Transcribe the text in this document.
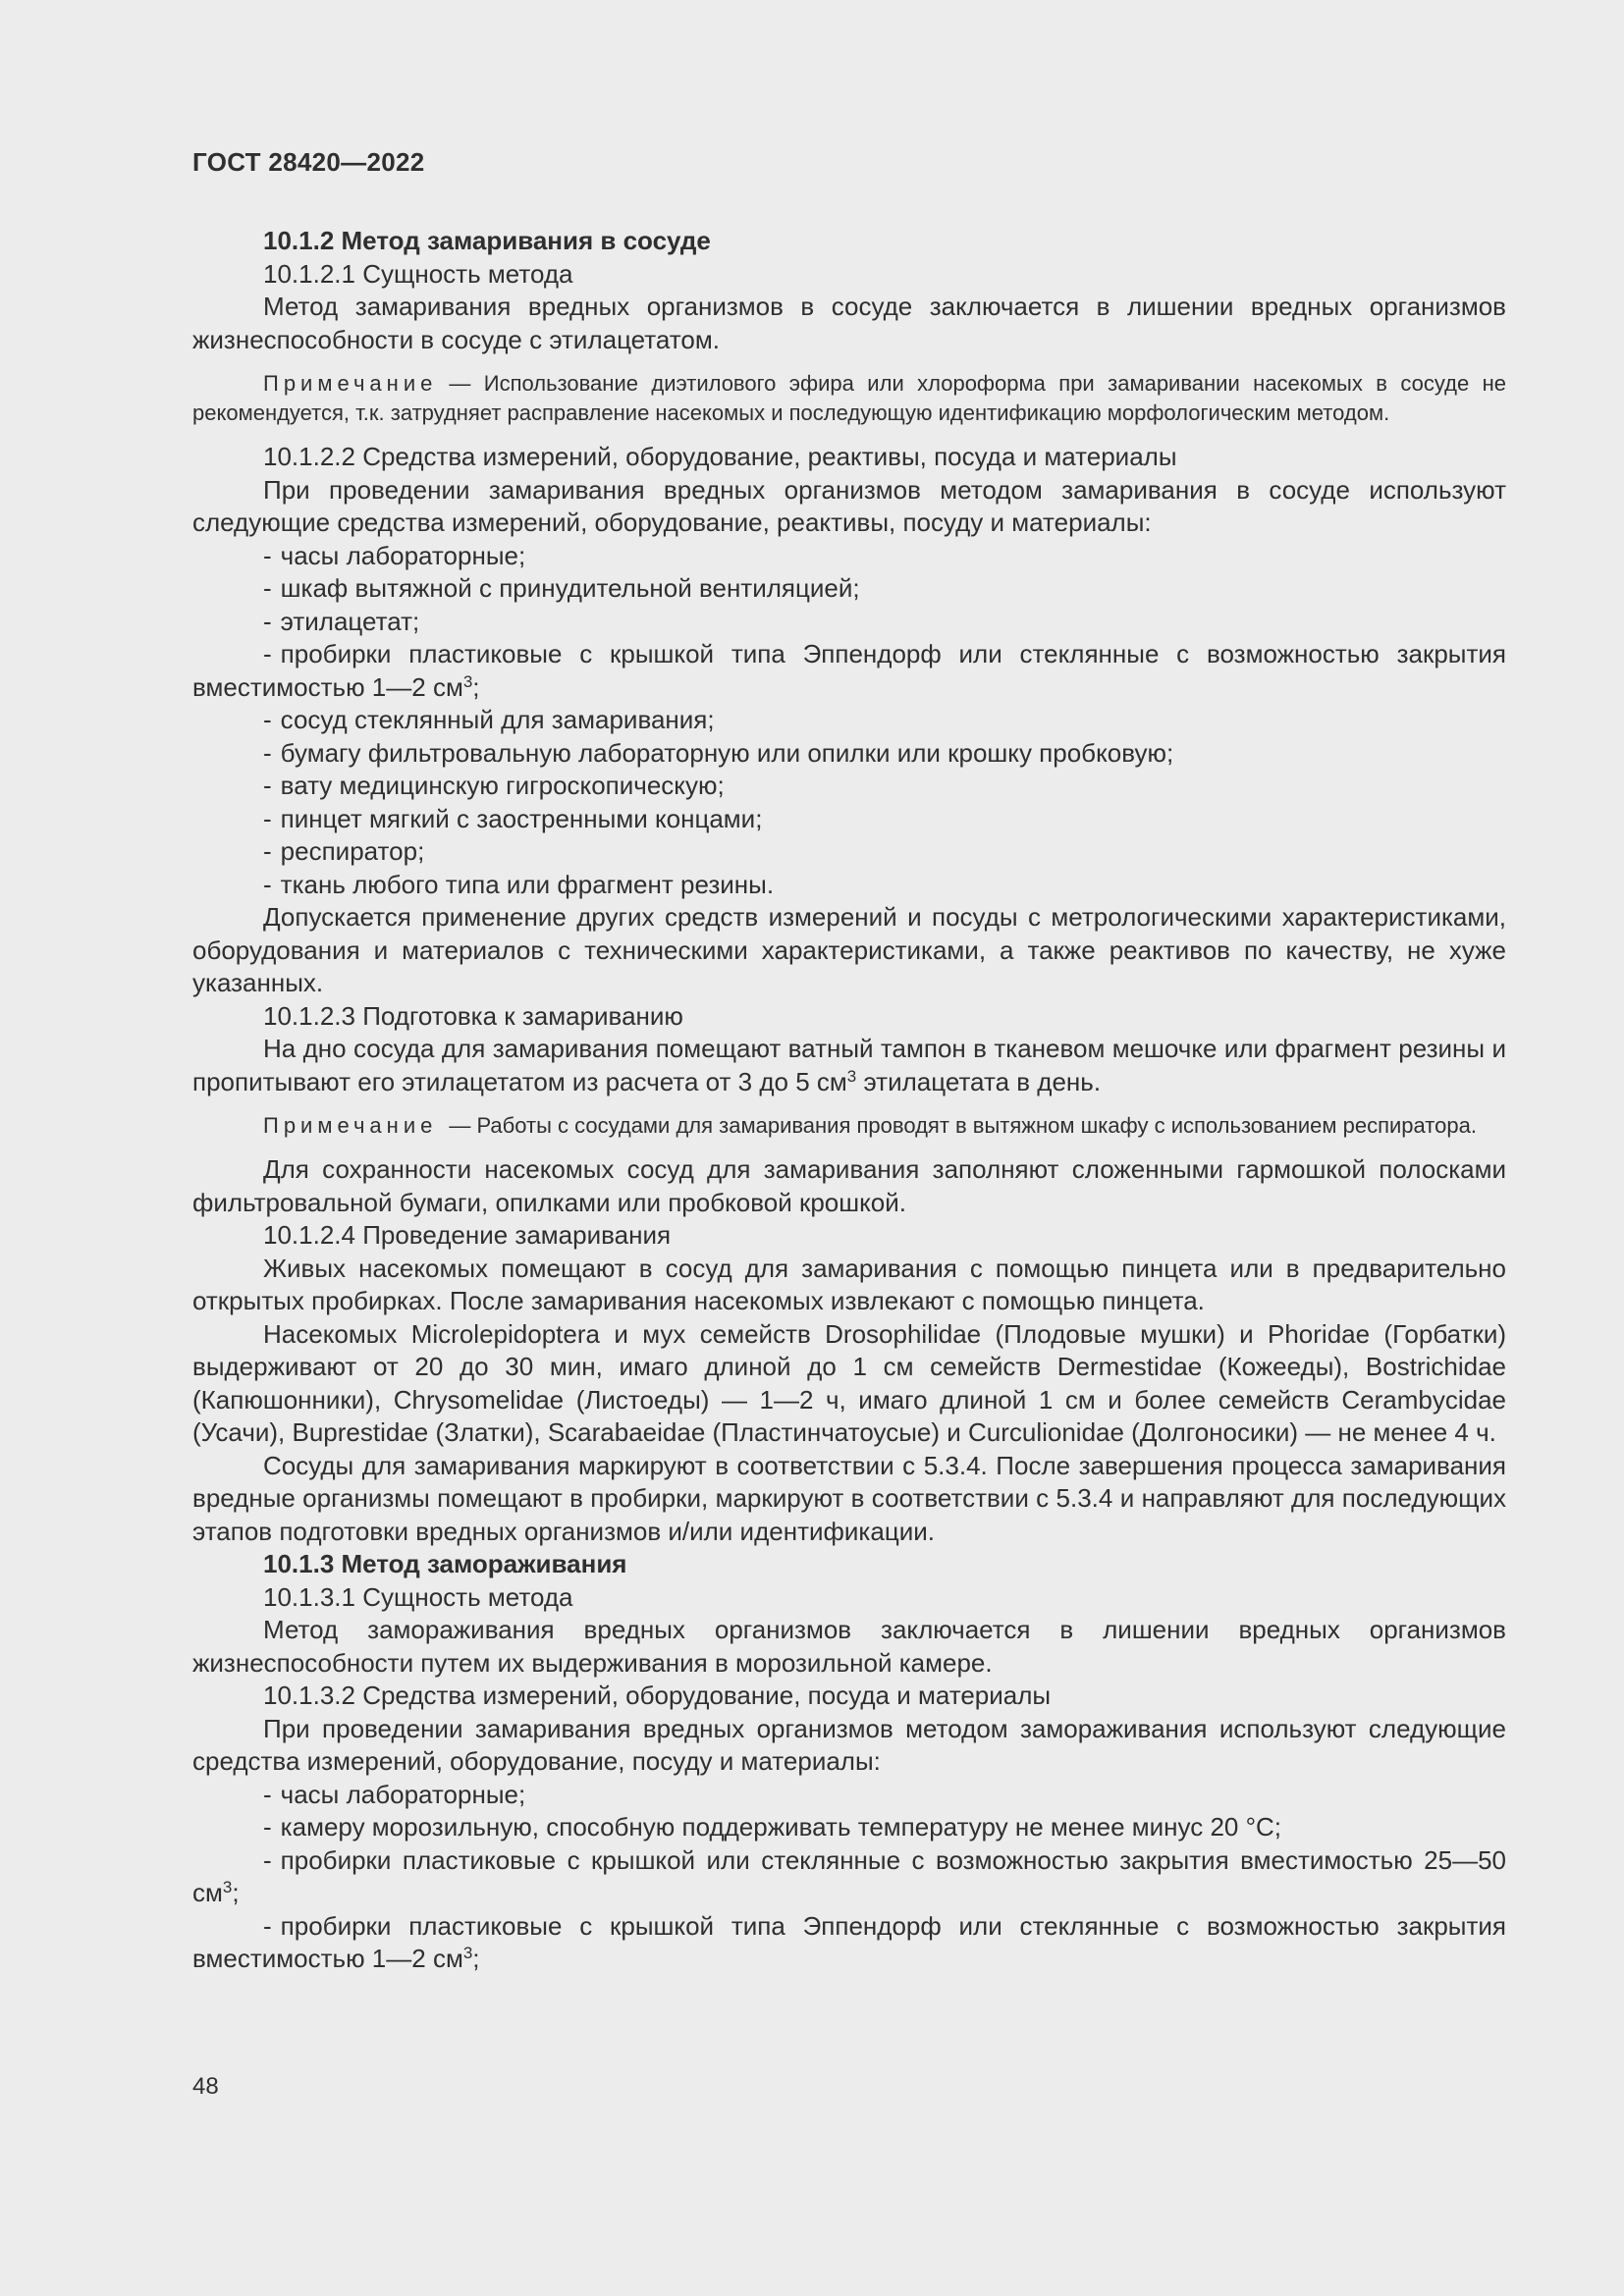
ГОСТ 28420—2022

10.1.2 Метод замаривания в сосуде

10.1.2.1 Сущность метода

Метод замаривания вредных организмов в сосуде заключается в лишении вредных организмов жизнеспособности в сосуде с этилацетатом.

Примечание — Использование диэтилового эфира или хлороформа при замаривании насекомых в сосуде не рекомендуется, т.к. затрудняет расправление насекомых и последующую идентификацию морфологическим методом.

10.1.2.2 Средства измерений, оборудование, реактивы, посуда и материалы

При проведении замаривания вредных организмов методом замаривания в сосуде используют следующие средства измерений, оборудование, реактивы, посуду и материалы:

- часы лабораторные;
- шкаф вытяжной с принудительной вентиляцией;
- этилацетат;
- пробирки пластиковые с крышкой типа Эппендорф или стеклянные с возможностью закрытия вместимостью 1—2 $см^3$;
- сосуд стеклянный для замаривания;
- бумагу фильтровальную лабораторную или опилки или крошку пробковую;
- вату медицинскую гигроскопическую;
- пинцет мягкий с заостренными концами;
- респиратор;
- ткань любого типа или фрагмент резины.

Допускается применение других средств измерений и посуды с метрологическими характеристиками, оборудования и материалов с техническими характеристиками, а также реактивов по качеству, не хуже указанных.

10.1.2.3 Подготовка к замариванию

На дно сосуда для замаривания помещают ватный тампон в тканевом мешочке или фрагмент резины и пропитывают его этилацетатом из расчета от 3 до 5 $см^3$ этилацетата в день.

Примечание — Работы с сосудами для замаривания проводят в вытяжном шкафу с использованием респиратора.

Для сохранности насекомых сосуд для замаривания заполняют сложенными гармошкой полосками фильтровальной бумаги, опилками или пробковой крошкой.

10.1.2.4 Проведение замаривания

Живых насекомых помещают в сосуд для замаривания с помощью пинцета или в предварительно открытых пробирках. После замаривания насекомых извлекают с помощью пинцета.

Насекомых Microlepidoptera и мух семейств Drosophilidae (Плодовые мушки) и Phoridae (Горбатки) выдерживают от 20 до 30 мин, имаго длиной до 1 см семейств Dermestidae (Кожееды), Bostrichidae (Капюшонники), Chrysomelidae (Листоеды) — 1—2 ч, имаго длиной 1 см и более семейств Cerambycidae (Усачи), Buprestidae (Златки), Scarabaeidae (Пластинчатоусые) и Curculionidae (Долгоносики) — не менее 4 ч.

Сосуды для замаривания маркируют в соответствии с 5.3.4. После завершения процесса замаривания вредные организмы помещают в пробирки, маркируют в соответствии с 5.3.4 и направляют для последующих этапов подготовки вредных организмов и/или идентификации.

10.1.3 Метод замораживания

10.1.3.1 Сущность метода

Метод замораживания вредных организмов заключается в лишении вредных организмов жизнеспособности путем их выдерживания в морозильной камере.

10.1.3.2 Средства измерений, оборудование, посуда и материалы

При проведении замаривания вредных организмов методом замораживания используют следующие средства измерений, оборудование, посуду и материалы:

- часы лабораторные;
- камеру морозильную, способную поддерживать температуру не менее минус 20 °С;
- пробирки пластиковые с крышкой или стеклянные с возможностью закрытия вместимостью 25—50 $см^3$;
- пробирки пластиковые с крышкой типа Эппендорф или стеклянные с возможностью закрытия вместимостью 1—2 $см^3$;

48
